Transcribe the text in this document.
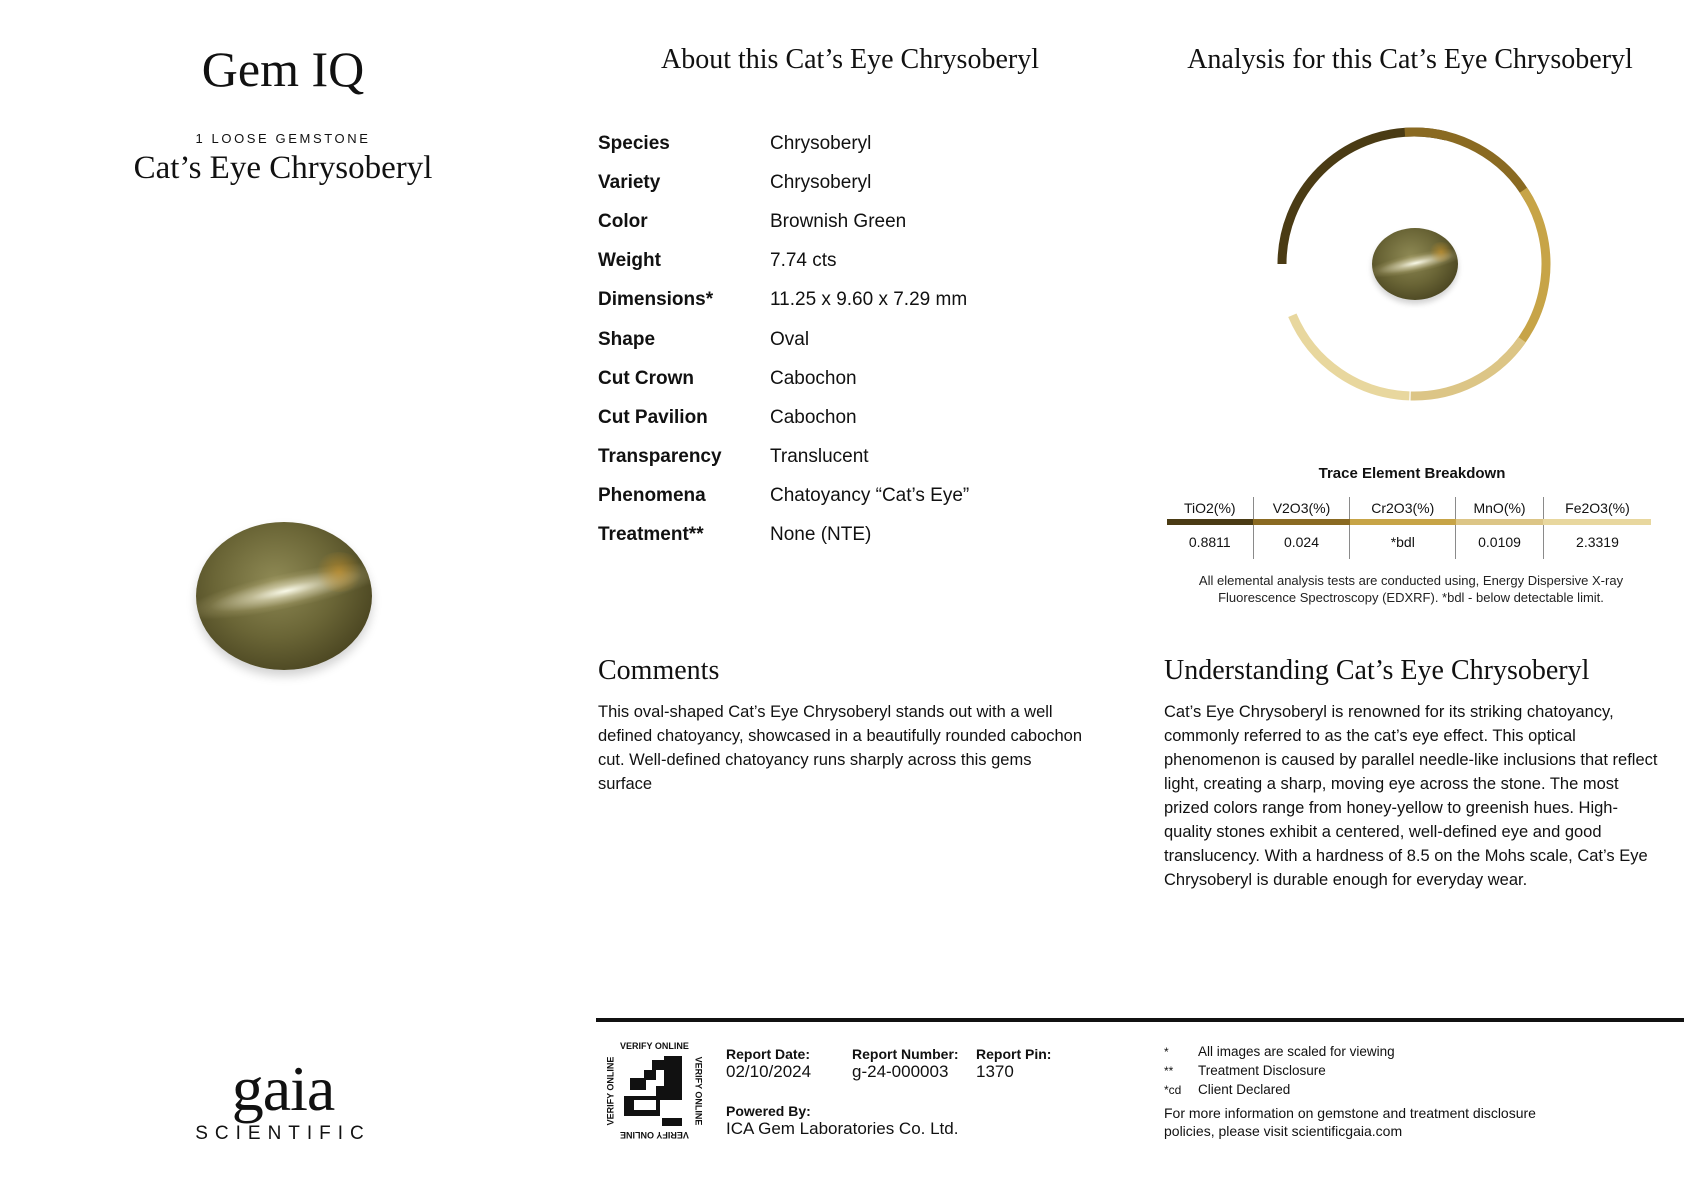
Gem IQ
1 LOOSE GEMSTONE
Cat’s Eye Chrysoberyl
About this Cat’s Eye Chrysoberyl
Species	Chrysoberyl
Variety	Chrysoberyl
Color	Brownish Green
Weight	7.74 cts
Dimensions*	11.25 x 9.60 x 7.29 mm
Shape	Oval
Cut Crown	Cabochon
Cut Pavilion	Cabochon
Transparency	Translucent
Phenomena	Chatoyancy “Cat’s Eye”
Treatment**	None (NTE)
Analysis for this Cat’s Eye Chrysoberyl
Trace Element Breakdown
TiO2(%)	V2O3(%)	Cr2O3(%)	MnO(%)	Fe2O3(%)

0.8811	0.024	*bdl	0.0109	2.3319
All elemental analysis tests are conducted using, Energy Dispersive X-ray Fluorescence Spectroscopy (EDXRF). *bdl - below detectable limit.
Comments
This oval-shaped Cat’s Eye Chrysoberyl stands out with a well defined chatoyancy, showcased in a beautifully rounded cabochon cut. Well-defined chatoyancy runs sharply across this gems surface
Understanding Cat’s Eye Chrysoberyl
Cat’s Eye Chrysoberyl is renowned for its striking chatoyancy, commonly referred to as the cat’s eye effect. This optical phenomenon is caused by parallel needle-like inclusions that reflect light, creating a sharp, moving eye across the stone. The most prized colors range from honey-yellow to greenish hues. High-quality stones exhibit a centered, well-defined eye and good translucency. With a hardness of 8.5 on the Mohs scale, Cat’s Eye Chrysoberyl is durable enough for everyday wear.
gaia
SCIENTIFIC
VERIFY ONLINE
VERIFY ONLINE	VERIFY ONLINE
VERIFY ONLINE
Report Date:
02/10/2024
Report Number:
g-24-000003
Report Pin:
1370
Powered By:
ICA Gem Laboratories Co. Ltd.
*	All images are scaled for viewing
**	Treatment Disclosure
*cd	Client Declared
For more information on gemstone and treatment disclosure policies, please visit scientificgaia.com
